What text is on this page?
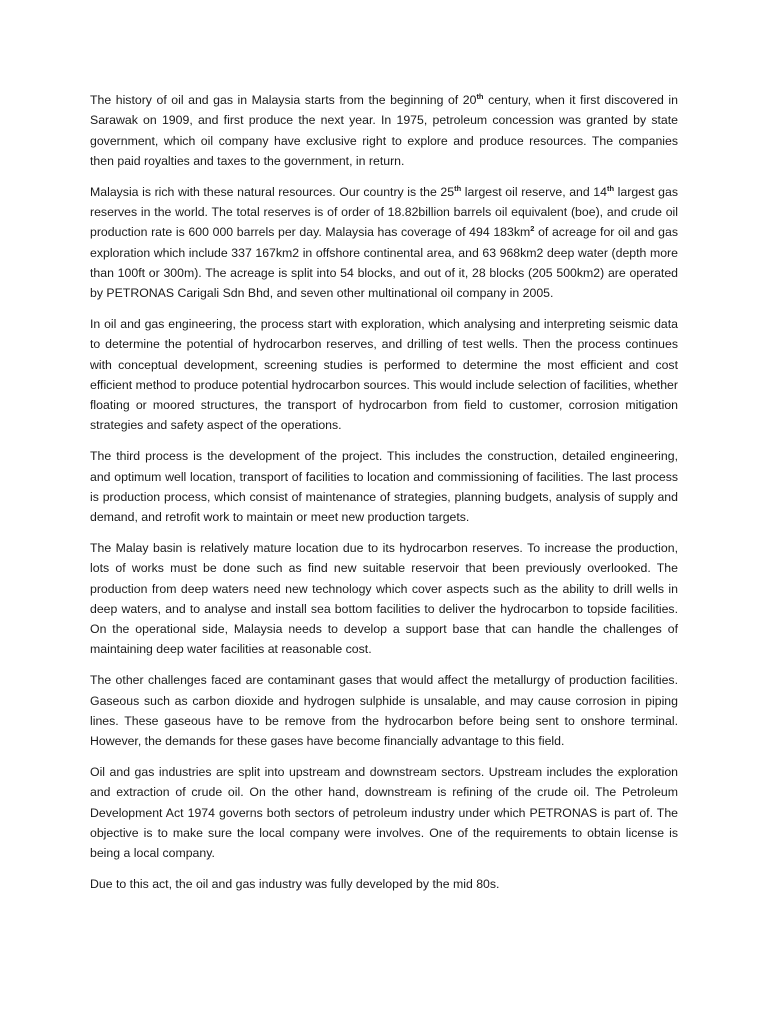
The history of oil and gas in Malaysia starts from the beginning of 20th century, when it first discovered in Sarawak on 1909, and first produce the next year. In 1975, petroleum concession was granted by state government, which oil company have exclusive right to explore and produce resources. The companies then paid royalties and taxes to the government, in return.

Malaysia is rich with these natural resources. Our country is the 25th largest oil reserve, and 14th largest gas reserves in the world. The total reserves is of order of 18.82billion barrels oil equivalent (boe), and crude oil production rate is 600 000 barrels per day. Malaysia has coverage of 494 $183km^2$ of acreage for oil and gas exploration which include 337 167km2 in offshore continental area, and 63 968km2 deep water (depth more than 100ft or 300m). The acreage is split into 54 blocks, and out of it, 28 blocks (205 500km2) are operated by PETRONAS Carigali Sdn Bhd, and seven other multinational oil company in 2005.

In oil and gas engineering, the process start with exploration, which analysing and interpreting seismic data to determine the potential of hydrocarbon reserves, and drilling of test wells. Then the process continues with conceptual development, screening studies is performed to determine the most efficient and cost efficient method to produce potential hydrocarbon sources. This would include selection of facilities, whether floating or moored structures, the transport of hydrocarbon from field to customer, corrosion mitigation strategies and safety aspect of the operations.

The third process is the development of the project. This includes the construction, detailed engineering, and optimum well location, transport of facilities to location and commissioning of facilities. The last process is production process, which consist of maintenance of strategies, planning budgets, analysis of supply and demand, and retrofit work to maintain or meet new production targets.

The Malay basin is relatively mature location due to its hydrocarbon reserves. To increase the production, lots of works must be done such as find new suitable reservoir that been previously overlooked. The production from deep waters need new technology which cover aspects such as the ability to drill wells in deep waters, and to analyse and install sea bottom facilities to deliver the hydrocarbon to topside facilities. On the operational side, Malaysia needs to develop a support base that can handle the challenges of maintaining deep water facilities at reasonable cost.

The other challenges faced are contaminant gases that would affect the metallurgy of production facilities. Gaseous such as carbon dioxide and hydrogen sulphide is unsalable, and may cause corrosion in piping lines. These gaseous have to be remove from the hydrocarbon before being sent to onshore terminal. However, the demands for these gases have become financially advantage to this field.

Oil and gas industries are split into upstream and downstream sectors. Upstream includes the exploration and extraction of crude oil. On the other hand, downstream is refining of the crude oil. The Petroleum Development Act 1974 governs both sectors of petroleum industry under which PETRONAS is part of. The objective is to make sure the local company were involves. One of the requirements to obtain license is being a local company.

Due to this act, the oil and gas industry was fully developed by the mid 80s.
